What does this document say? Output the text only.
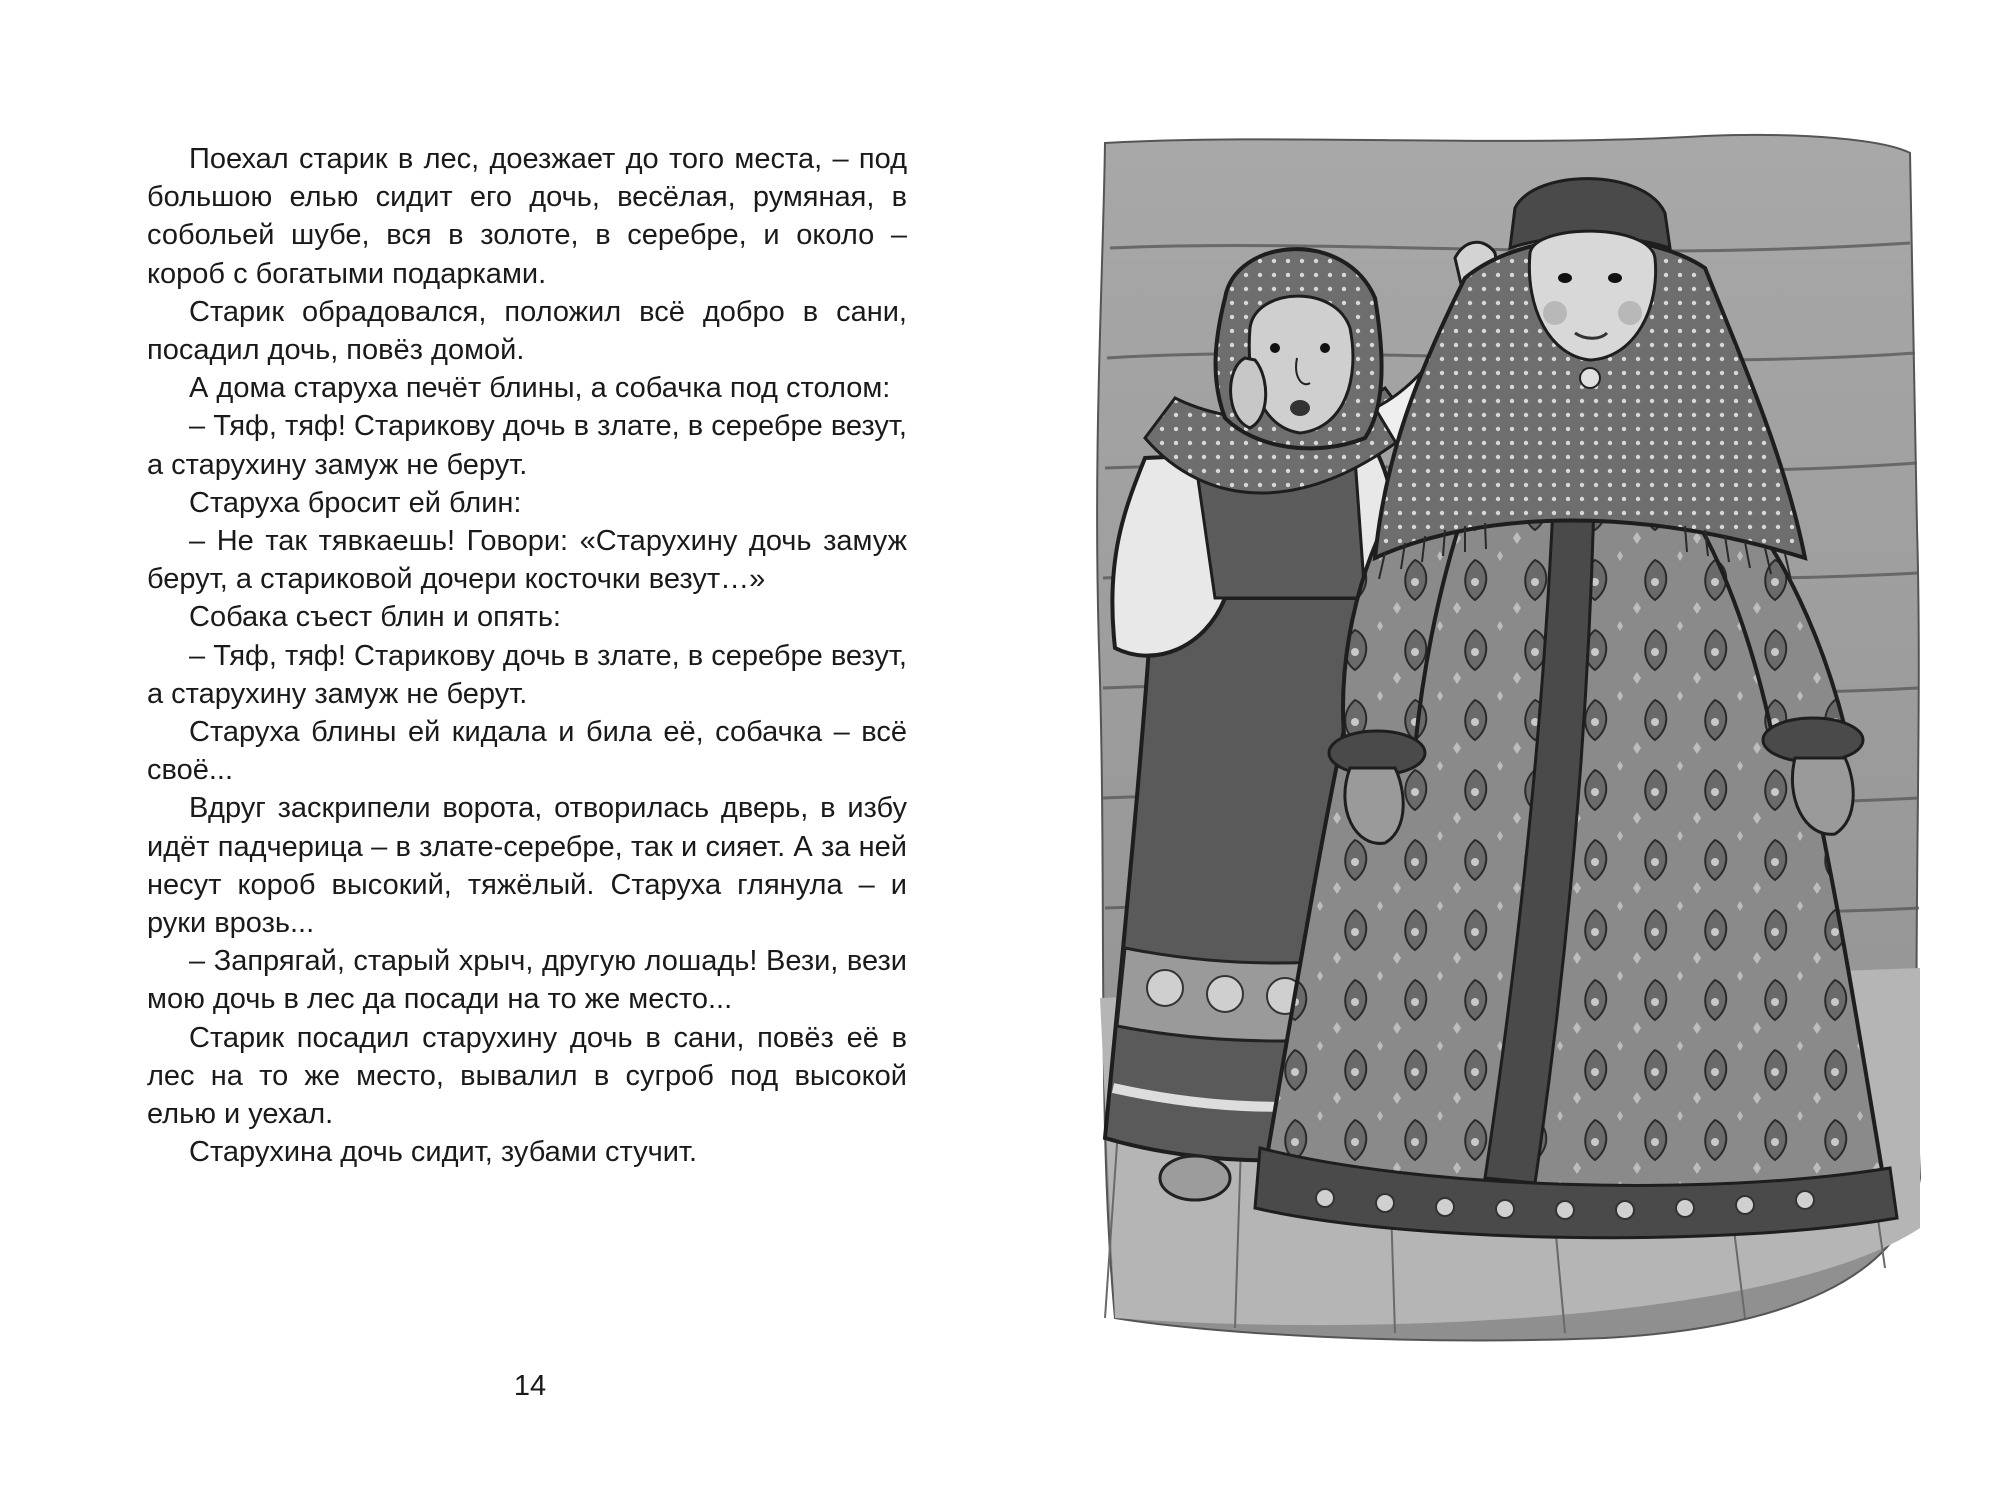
Поехал старик в лес, доезжает до того места, – под большою елью сидит его дочь, весёлая, румяная, в собольей шубе, вся в золоте, в серебре, и около – короб с богатыми подарками.

Старик обрадовался, положил всё добро в сани, посадил дочь, повёз домой.

А дома старуха печёт блины, а собачка под столом:

– Тяф, тяф! Старикову дочь в злате, в серебре везут, а старухину замуж не берут.

Старуха бросит ей блин:

– Не так тявкаешь! Говори: «Старухину дочь замуж берут, а стариковой дочери косточки везут…»

Собака съест блин и опять:

– Тяф, тяф! Старикову дочь в злате, в серебре везут, а старухину замуж не берут.

Старуха блины ей кидала и била её, собачка – всё своё...

Вдруг заскрипели ворота, отворилась дверь, в избу идёт падчерица – в злате-серебре, так и сияет. А за ней несут короб высокий, тяжёлый. Старуха глянула – и руки врозь...

– Запрягай, старый хрыч, другую лошадь! Вези, вези мою дочь в лес да посади на то же место...

Старик посадил старухину дочь в сани, повёз её в лес на то же место, вывалил в сугроб под высокой елью и уехал.

Старухина дочь сидит, зубами стучит.

14
